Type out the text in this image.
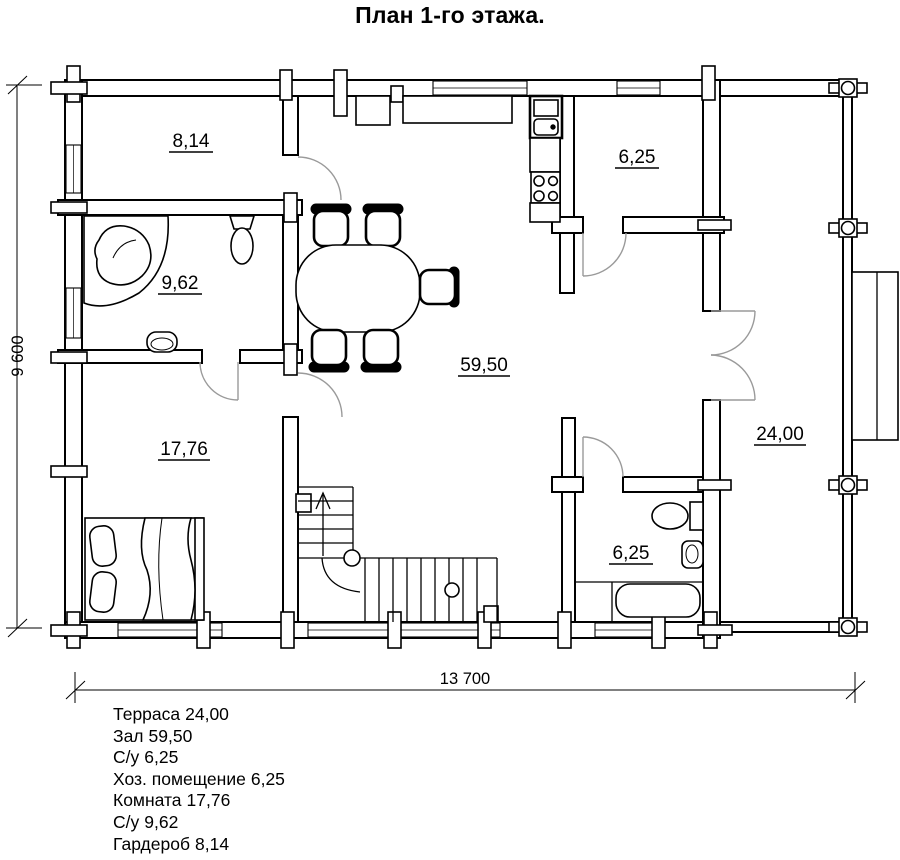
План 1-го этажа.
9 600
13 700
8,14
9,62
6,25
59,50
24,00
17,76
6,25
Терраса 24,00
Зал 59,50
С/у 6,25
Хоз. помещение 6,25
Комната 17,76
С/у 9,62
Гардероб 8,14
